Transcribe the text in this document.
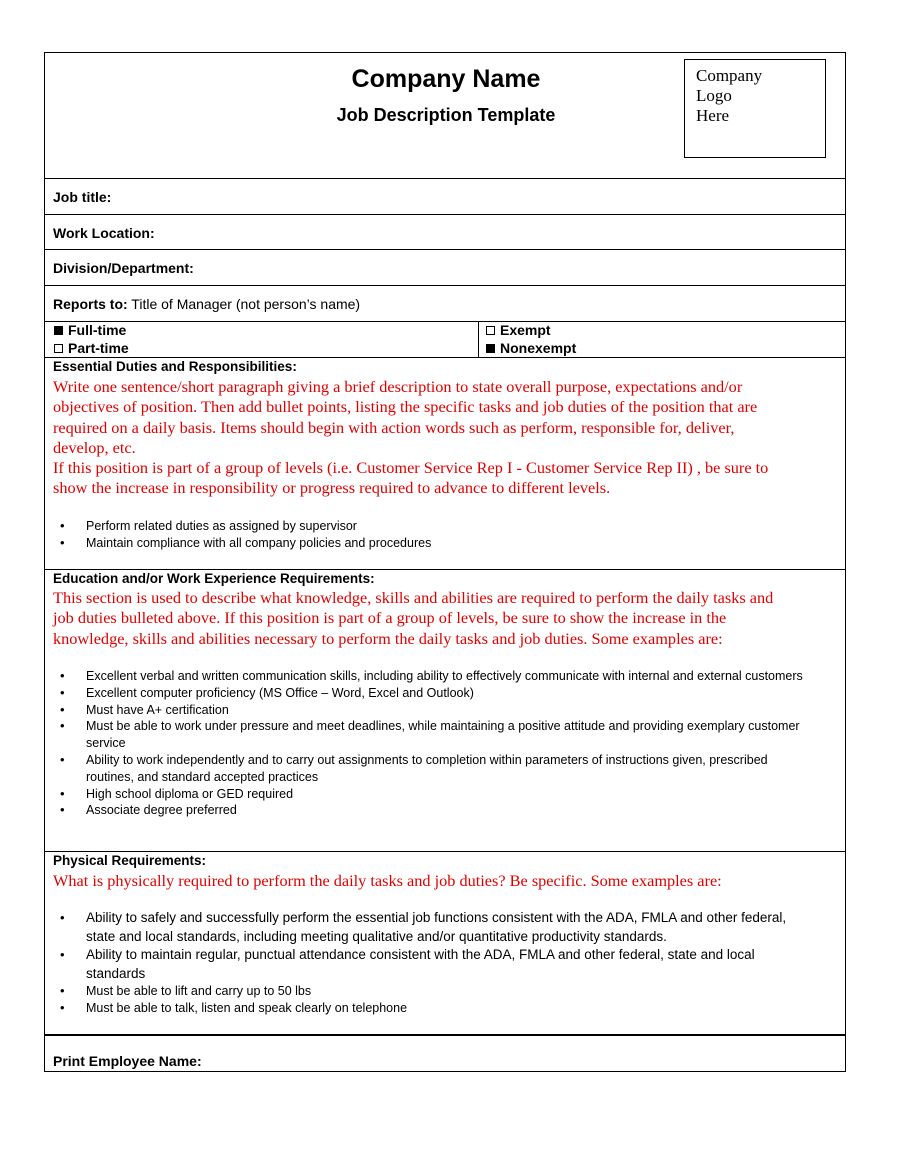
Company Name
Job Description Template
Company
Logo
Here
Job title:
Work Location:
Division/Department:
Reports to: Title of Manager (not person’s name)
Full-time
Part-time
Exempt
Nonexempt
Essential Duties and Responsibilities:
Write one sentence/short paragraph giving a brief description to state overall purpose, expectations and/or
objectives of position. Then add bullet points, listing the specific tasks and job duties of the position that are
required on a daily basis. Items should begin with action words such as perform, responsible for, deliver,
develop, etc.
If this position is part of a group of levels (i.e. Customer Service Rep I - Customer Service Rep II) , be sure to
show the increase in responsibility or progress required to advance to different levels.
• Perform related duties as assigned by supervisor
• Maintain compliance with all company policies and procedures
Education and/or Work Experience Requirements:
This section is used to describe what knowledge, skills and abilities are required to perform the daily tasks and
job duties bulleted above. If this position is part of a group of levels, be sure to show the increase in the
knowledge, skills and abilities necessary to perform the daily tasks and job duties. Some examples are:
• Excellent verbal and written communication skills, including ability to effectively communicate with internal and external customers
• Excellent computer proficiency (MS Office – Word, Excel and Outlook)
• Must have A+ certification
• Must be able to work under pressure and meet deadlines, while maintaining a positive attitude and providing exemplary customer service
• Ability to work independently and to carry out assignments to completion within parameters of instructions given, prescribed routines, and standard accepted practices
• High school diploma or GED required
• Associate degree preferred
Physical Requirements:
What is physically required to perform the daily tasks and job duties? Be specific. Some examples are:
• Ability to safely and successfully perform the essential job functions consistent with the ADA, FMLA and other federal, state and local standards, including meeting qualitative and/or quantitative productivity standards.
• Ability to maintain regular, punctual attendance consistent with the ADA, FMLA and other federal, state and local standards
• Must be able to lift and carry up to 50 lbs
• Must be able to talk, listen and speak clearly on telephone
Print Employee Name:
